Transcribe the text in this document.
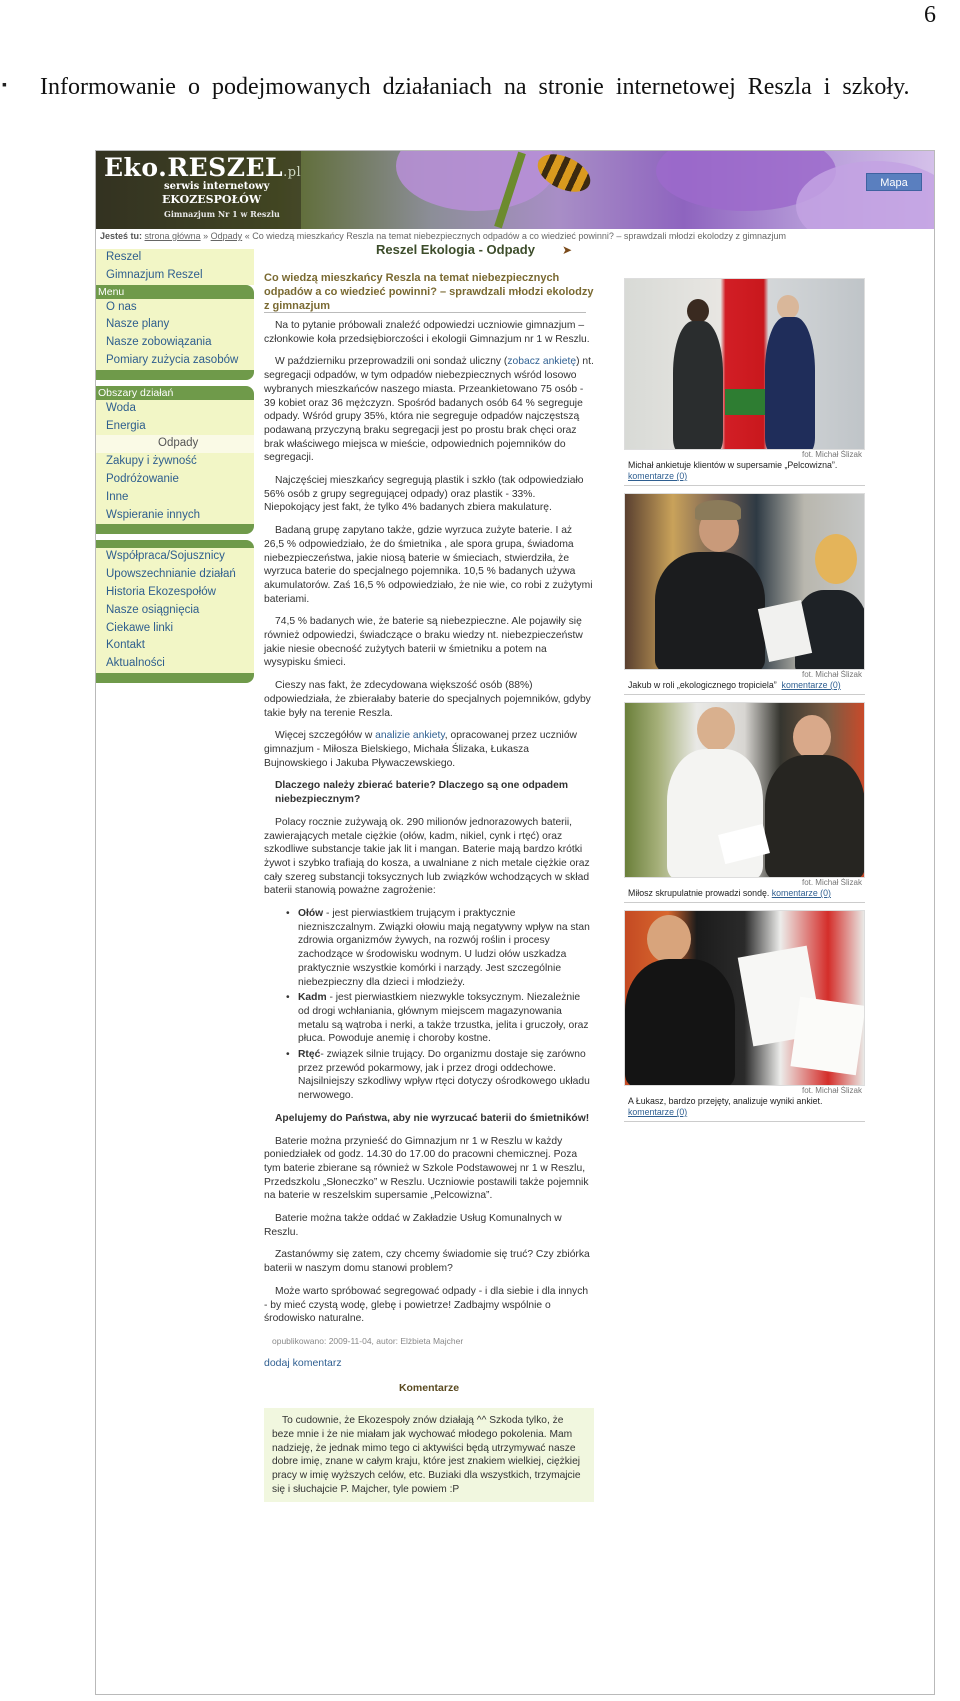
6
▪ Informowanie o podejmowanych działaniach na stronie internetowej Reszla i szkoły.
Eko.RESZEL.pl
serwis internetowy
EKOZESPOŁÓW
Gimnazjum Nr 1 w Reszlu
Mapa
Jesteś tu: strona główna » Odpady « Co wiedzą mieszkańcy Reszla na temat niebezpiecznych odpadów a co wiedzieć powinni? – sprawdzali młodzi ekolodzy z gimnazjum
Reszel
Gimnazjum Reszel
Menu
O nas
Nasze plany
Nasze zobowiązania
Pomiary zużycia zasobów
Obszary działań
Woda
Energia
Odpady
Zakupy i żywność
Podróżowanie
Inne
Wspieranie innych
Współpraca/Sojusznicy
Upowszechnianie działań
Historia Ekozespołów
Nasze osiągnięcia
Ciekawe linki
Kontakt
Aktualności
Reszel Ekologia - Odpady ➤
Co wiedzą mieszkańcy Reszla na temat niebezpiecznych odpadów a co wiedzieć powinni? – sprawdzali młodzi ekolodzy z gimnazjum

Na to pytanie próbowali znaleźć odpowiedzi uczniowie gimnazjum – członkowie koła przedsiębiorczości i ekologii Gimnazjum nr 1 w Reszlu.

W październiku przeprowadzili oni sondaż uliczny (zobacz ankietę) nt. segregacji odpadów, w tym odpadów niebezpiecznych wśród losowo wybranych mieszkańców naszego miasta. Przeankietowano 75 osób - 39 kobiet oraz 36 mężczyzn. Spośród badanych osób 64 % segreguje odpady. Wśród grupy 35%, która nie segreguje odpadów najczęstszą podawaną przyczyną braku segregacji jest po prostu brak chęci oraz brak właściwego miejsca w mieście, odpowiednich pojemników do segregacji.

Najczęściej mieszkańcy segregują plastik i szkło (tak odpowiedziało 56% osób z grupy segregującej odpady) oraz plastik - 33%. Niepokojący jest fakt, że tylko 4% badanych zbiera makulaturę.

Badaną grupę zapytano także, gdzie wyrzuca zużyte baterie. I aż 26,5 % odpowiedziało, że do śmietnika , ale spora grupa, świadoma niebezpieczeństwa, jakie niosą baterie w śmieciach, stwierdziła, że wyrzuca baterie do specjalnego pojemnika. 10,5 % badanych używa akumulatorów. Zaś 16,5 % odpowiedziało, że nie wie, co robi z zużytymi bateriami.

74,5 % badanych wie, że baterie są niebezpieczne. Ale pojawiły się również odpowiedzi, świadczące o braku wiedzy nt. niebezpieczeństw jakie niesie obecność zużytych baterii w śmietniku a potem na wysypisku śmieci.

Cieszy nas fakt, że zdecydowana większość osób (88%) odpowiedziała, że zbierałaby baterie do specjalnych pojemników, gdyby takie były na terenie Reszla.

Więcej szczegółów w analizie ankiety, opracowanej przez uczniów gimnazjum - Miłosza Bielskiego, Michała Ślizaka, Łukasza Bujnowskiego i Jakuba Pływaczewskiego.

Dlaczego należy zbierać baterie? Dlaczego są one odpadem niebezpiecznym?

Polacy rocznie zużywają ok. 290 milionów jednorazowych baterii, zawierających metale ciężkie (ołów, kadm, nikiel, cynk i rtęć) oraz szkodliwe substancje takie jak lit i mangan. Baterie mają bardzo krótki żywot i szybko trafiają do kosza, a uwalniane z nich metale ciężkie oraz cały szereg substancji toksycznych lub związków wchodzących w skład baterii stanowią poważne zagrożenie:

• Ołów - jest pierwiastkiem trującym i praktycznie niezniszczalnym. Związki ołowiu mają negatywny wpływ na stan zdrowia organizmów żywych, na rozwój roślin i procesy zachodzące w środowisku wodnym. U ludzi ołów uszkadza praktycznie wszystkie komórki i narządy. Jest szczególnie niebezpieczny dla dzieci i młodzieży.
• Kadm - jest pierwiastkiem niezwykle toksycznym. Niezależnie od drogi wchłaniania, głównym miejscem magazynowania metalu są wątroba i nerki, a także trzustka, jelita i gruczoły, oraz płuca. Powoduje anemię i choroby kostne.
• Rtęć- związek silnie trujący. Do organizmu dostaje się zarówno przez przewód pokarmowy, jak i przez drogi oddechowe. Najsilniejszy szkodliwy wpływ rtęci dotyczy ośrodkowego układu nerwowego.
Apelujemy do Państwa, aby nie wyrzucać baterii do śmietników!

Baterie można przynieść do Gimnazjum nr 1 w Reszlu w każdy poniedziałek od godz. 14.30 do 17.00 do pracowni chemicznej. Poza tym baterie zbierane są również w Szkole Podstawowej nr 1 w Reszlu, Przedszkolu „Słoneczko” w Reszlu. Uczniowie postawili także pojemnik na baterie w reszelskim supersamie „Pelcowizna”.

Baterie można także oddać w Zakładzie Usług Komunalnych w Reszlu.

Zastanówmy się zatem, czy chcemy świadomie się truć? Czy zbiórka baterii w naszym domu stanowi problem?

Może warto spróbować segregować odpady - i dla siebie i dla innych - by mieć czystą wodę, glebę i powietrze! Zadbajmy wspólnie o środowisko naturalne.

opublikowano: 2009-11-04, autor: Elżbieta Majcher
dodaj komentarz
Komentarze

To cudownie, że Ekozespoły znów działają ^^ Szkoda tylko, że beze mnie i że nie miałam jak wychować młodego pokolenia. Mam nadzieję, że jednak mimo tego ci aktywiści będą utrzymywać nasze dobre imię, znane w całym kraju, które jest znakiem wielkiej, ciężkiej pracy w imię wyższych celów, etc. Buziaki dla wszystkich, trzymajcie się i słuchajcie P. Majcher, tyle powiem :P

fot. Michał Ślizak
Michał ankietuje klientów w supersamie „Pelcowizna”.
komentarze (0)
fot. Michał Ślizak
Jakub w roli „ekologicznego tropiciela” komentarze (0)
fot. Michał Ślizak
Miłosz skrupulatnie prowadzi sondę. komentarze (0)
fot. Michał Ślizak
A Łukasz, bardzo przejęty, analizuje wyniki ankiet.
komentarze (0)
